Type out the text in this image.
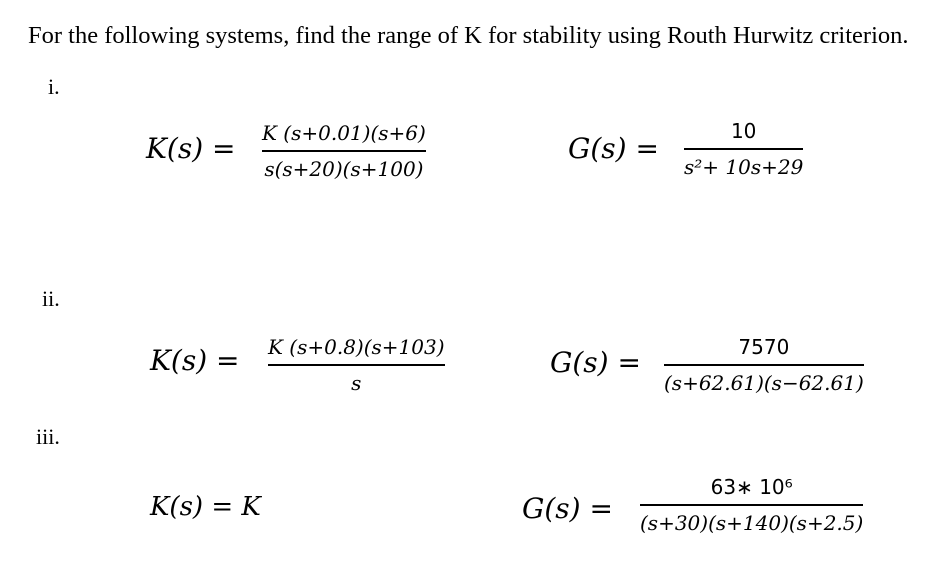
For the following systems, find the range of K for stability using Routh Hurwitz criterion.
i.
K(s) = K (s+0.01)(s+6)
s(s+20)(s+100)
G(s) =
10
s²+ 10s+29
ii.
K(s) = K (s+0.8)(s+103)
s
G(s) =	7570
(s+62.61)(s−62.61)
iii.
K(s) = K	G(s) =
63∗ 10⁶
(s+30)(s+140)(s+2.5)
